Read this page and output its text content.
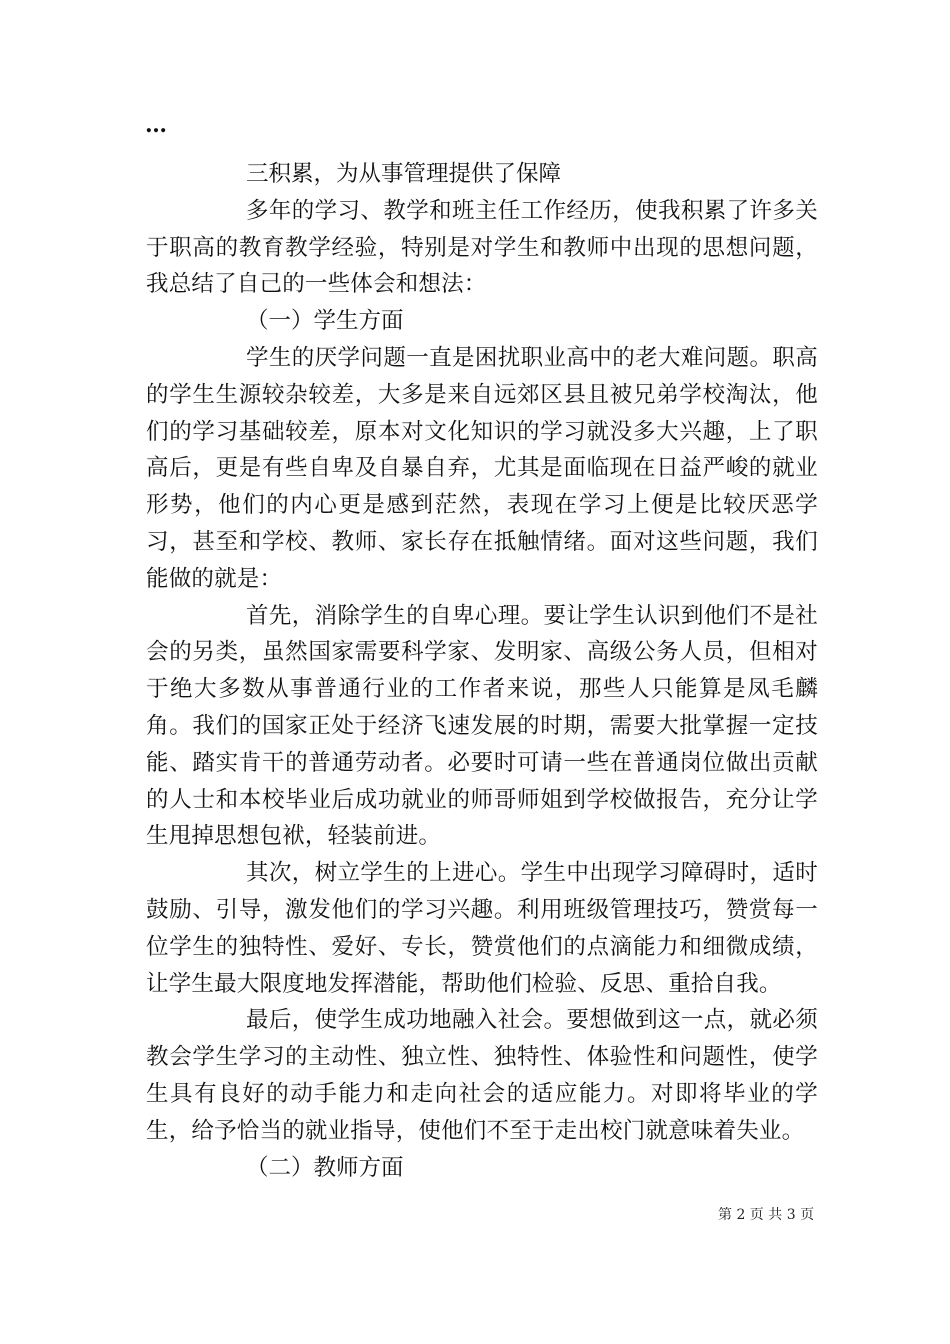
…

三积累，为从事管理提供了保障

多年的学习、教学和班主任工作经历，使我积累了许多关于职高的教育教学经验，特别是对学生和教师中出现的思想问题，我总结了自己的一些体会和想法：

（一）学生方面

学生的厌学问题一直是困扰职业高中的老大难问题。职高的学生生源较杂较差，大多是来自远郊区县且被兄弟学校淘汰，他们的学习基础较差，原本对文化知识的学习就没多大兴趣，上了职高后，更是有些自卑及自暴自弃，尤其是面临现在日益严峻的就业形势，他们的内心更是感到茫然，表现在学习上便是比较厌恶学习，甚至和学校、教师、家长存在抵触情绪。面对这些问题，我们能做的就是：

首先，消除学生的自卑心理。要让学生认识到他们不是社会的另类，虽然国家需要科学家、发明家、高级公务人员，但相对于绝大多数从事普通行业的工作者来说，那些人只能算是凤毛麟角。我们的国家正处于经济飞速发展的时期，需要大批掌握一定技能、踏实肯干的普通劳动者。必要时可请一些在普通岗位做出贡献的人士和本校毕业后成功就业的师哥师姐到学校做报告，充分让学生甩掉思想包袱，轻装前进。

其次，树立学生的上进心。学生中出现学习障碍时，适时鼓励、引导，激发他们的学习兴趣。利用班级管理技巧，赞赏每一位学生的独特性、爱好、专长，赞赏他们的点滴能力和细微成绩，让学生最大限度地发挥潜能，帮助他们检验、反思、重拾自我。

最后，使学生成功地融入社会。要想做到这一点，就必须教会学生学习的主动性、独立性、独特性、体验性和问题性，使学生具有良好的动手能力和走向社会的适应能力。对即将毕业的学生，给予恰当的就业指导，使他们不至于走出校门就意味着失业。

（二）教师方面

第 2 页 共 3 页
